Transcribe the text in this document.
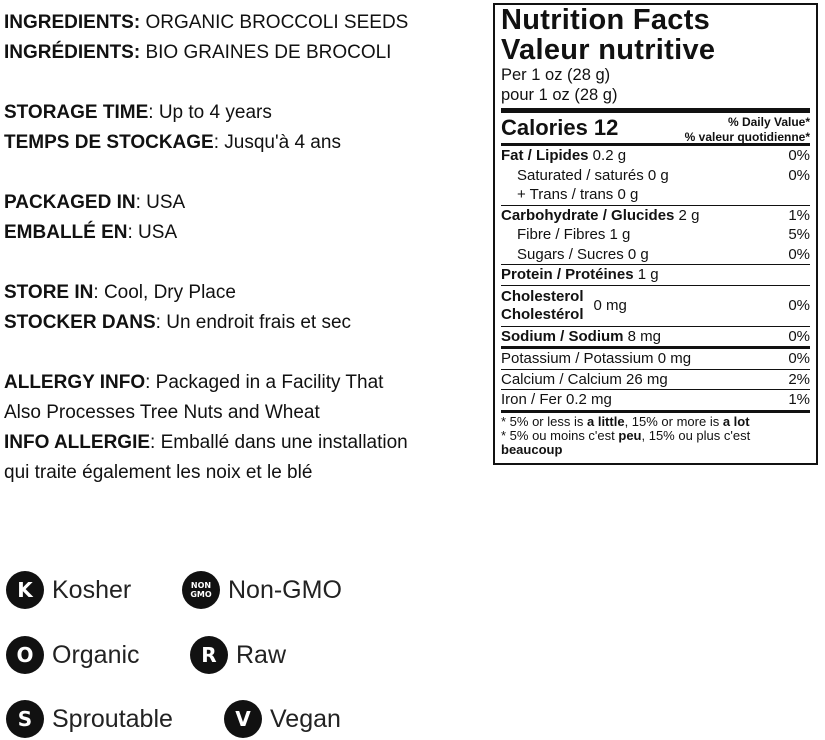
INGREDIENTS: ORGANIC BROCCOLI SEEDS
INGRÉDIENTS: BIO GRAINES DE BROCOLI
STORAGE TIME: Up to 4 years
TEMPS DE STOCKAGE: Jusqu'à 4 ans
PACKAGED IN: USA
EMBALLÉ EN: USA
STORE IN: Cool, Dry Place
STOCKER DANS: Un endroit frais et sec
ALLERGY INFO: Packaged in a Facility That
Also Processes Tree Nuts and Wheat
INFO ALLERGIE: Emballé dans une installation
qui traite également les noix et le blé
Nutrition Facts
Valeur nutritive
Per 1 oz (28 g)
pour 1 oz (28 g)
Calories 12	% Daily Value*
% valeur quotidienne*
Fat / Lipides 0.2 g	0%
Saturated / saturés 0 g	0%
+ Trans / trans 0 g
Carbohydrate / Glucides 2 g	1%
Fibre / Fibres 1 g	5%
Sugars / Sucres 0 g	0%
Protein / Protéines 1 g
Cholesterol
Cholestérol 0 mg	0%
Sodium / Sodium 8 mg	0%
Potassium / Potassium 0 mg	0%
Calcium / Calcium 26 mg	2%
Iron / Fer 0.2 mg	1%
* 5% or less is a little, 15% or more is a lot
* 5% ou moins c'est peu, 15% ou plus c'est beaucoup
K Kosher	NON GMO Non-GMO
O Organic	R Raw
S Sproutable	V Vegan
